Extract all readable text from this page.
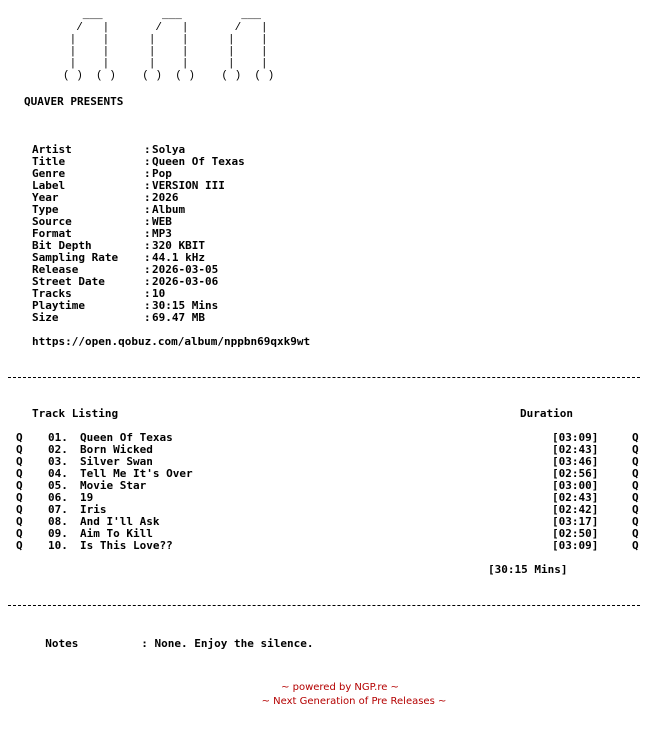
___         ___         ___
/   |       /   |       /   |
|    |      |    |      |    |
|    |      |    |      |    |
|    |      |    |      |    |
( )  ( )    ( )  ( )    ( )  ( )
QUAVER PRESENTS
Artist	: Solya
Title	: Queen Of Texas
Genre	: Pop
Label	: VERSION III
Year	: 2026
Type	: Album
Source	: WEB
Format	: MP3
Bit Depth	: 320 KBIT
Sampling Rate	: 44.1 kHz
Release	: 2026-03-05
Street Date	: 2026-03-06
Tracks	: 10
Playtime	: 30:15 Mins
Size	: 69.47 MB
https://open.qobuz.com/album/nppbn69qxk9wt
Track Listing	Duration
Q 01. Queen Of Texas	[03:09]	Q
Q 02. Born Wicked	[02:43]	Q
Q 03. Silver Swan	[03:46]	Q
Q 04. Tell Me It's Over	[02:56]	Q
Q 05. Movie Star	[03:00]	Q
Q 06. 19	[02:43]	Q
Q 07. Iris	[02:42]	Q
Q 08. And I'll Ask	[03:17]	Q
Q 09. Aim To Kill	[02:50]	Q
Q 10. Is This Love??	[03:09]	Q
[30:15 Mins]

Notes	: None. Enjoy the silence.

~ powered by NGP.re ~
~ Next Generation of Pre Releases ~
